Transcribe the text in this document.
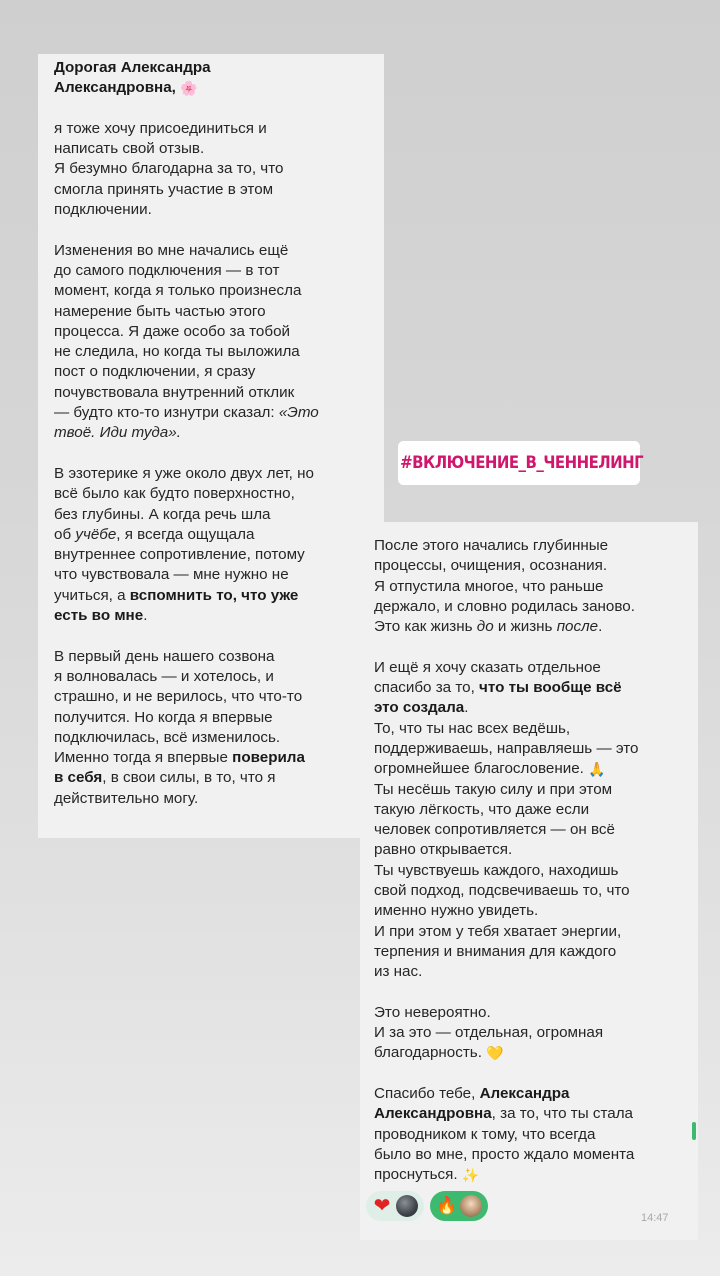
Дорогая Александра
Александровна, 🌸
я тоже хочу присоединиться и
написать свой отзыв.
Я безумно благодарна за то, что
смогла принять участие в этом
подключении.
Изменения во мне начались ещё
до самого подключения — в тот
момент, когда я только произнесла
намерение быть частью этого
процесса. Я даже особо за тобой
не следила, но когда ты выложила
пост о подключении, я сразу
почувствовала внутренний отклик
— будто кто-то изнутри сказал: «Это
твоё. Иди туда».
В эзотерике я уже около двух лет, но
всё было как будто поверхностно,
без глубины. А когда речь шла
об учёбе, я всегда ощущала
внутреннее сопротивление, потому
что чувствовала — мне нужно не
учиться, а вспомнить то, что уже
есть во мне.
В первый день нашего созвона
я волновалась — и хотелось, и
страшно, и не верилось, что что-то
получится. Но когда я впервые
подключилась, всё изменилось.
Именно тогда я впервые поверила
в себя, в свои силы, в то, что я
действительно могу.
#ВКЛЮЧЕНИЕ_В_ЧЕННЕЛИНГ
После этого начались глубинные
процессы, очищения, осознания.
Я отпустила многое, что раньше
держало, и словно родилась заново.
Это как жизнь до и жизнь после.
И ещё я хочу сказать отдельное
спасибо за то, что ты вообще всё
это создала.
То, что ты нас всех ведёшь,
поддерживаешь, направляешь — это
огромнейшее благословение. 🙏
Ты несёшь такую силу и при этом
такую лёгкость, что даже если
человек сопротивляется — он всё
равно открывается.
Ты чувствуешь каждого, находишь
свой подход, подсвечиваешь то, что
именно нужно увидеть.
И при этом у тебя хватает энергии,
терпения и внимания для каждого
из нас.
Это невероятно.
И за это — отдельная, огромная
благодарность. 💛
Спасибо тебе, Александра
Александровна, за то, что ты стала
проводником к тому, что всегда
было во мне, просто ждало момента
проснуться. ✨
❤	🔥
14:47
